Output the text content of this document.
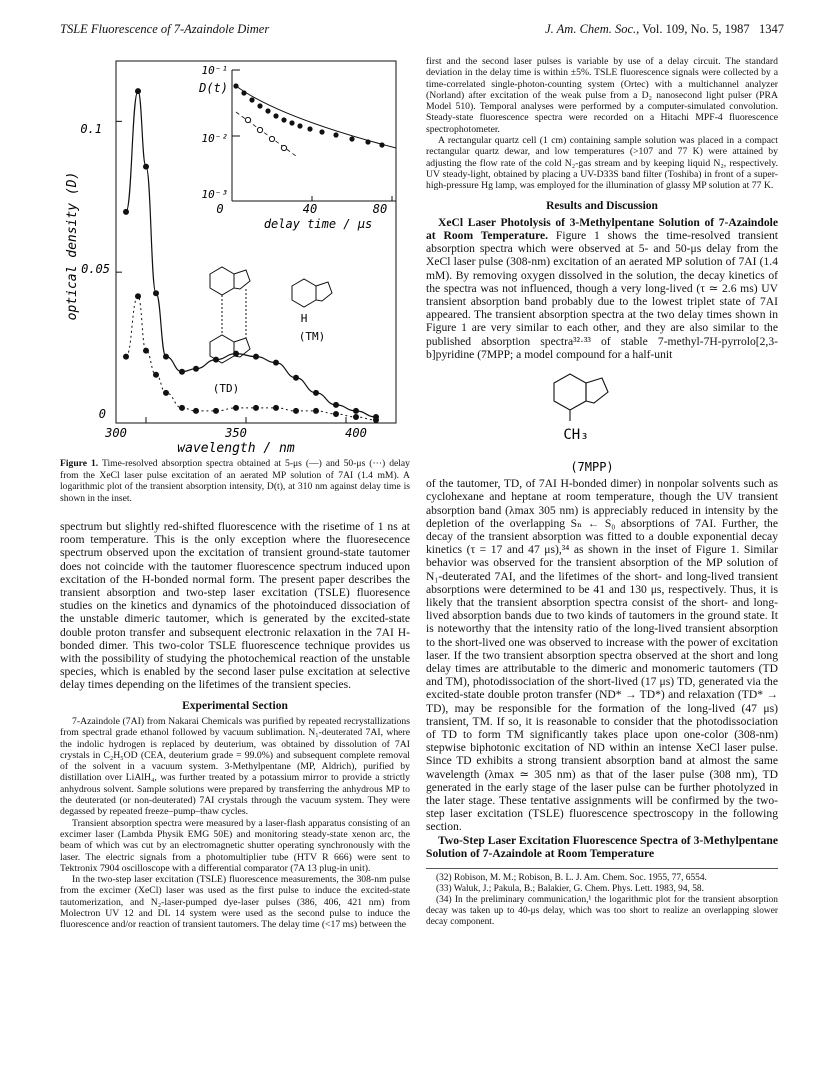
TSLE Fluorescence of 7-Azaindole Dimer	J. Am. Chem. Soc., Vol. 109, No. 5, 1987 1347
0
0.05
0.1
300	350	400
wavelength / nm
optical density (D)
10⁻¹
D(t)
10⁻²
10⁻³
0	40	80
delay time / μs
(TD)
H
(TM)
Figure 1. Time-resolved absorption spectra obtained at 5-μs (—) and 50-μs (···) delay from the XeCl laser pulse excitation of an aerated MP solution of 7AI (1.4 mM). A logarithmic plot of the transient absorption intensity, D(t), at 310 nm against delay time is shown in the inset.

spectrum but slightly red-shifted fluorescence with the risetime of 1 ns at room temperature. This is the only exception where the fluoresecence spectrum observed upon the excitation of transient ground-state tautomer does not coincide with the tautomer fluorescence spectrum induced upon excitation of the H-bonded normal form. The present paper describes the transient absorption and two-step laser excitation (TSLE) fluoresence studies on the kinetics and dynamics of the photoinduced dissociation of the unstable dimeric tautomer, which is generated by the excited-state double proton transfer and subsequent electronic relaxation in the 7AI H-bonded dimer. This two-color TSLE fluorescence technique provides us with the possibility of studying the photochemical reaction of the unstable species, which is enabled by the second laser pulse excitation at selective delay times depending on the lifetimes of the transient species.

Experimental Section

7-Azaindole (7AI) from Nakarai Chemicals was purified by repeated recrystallizations from spectral grade ethanol followed by vacuum sublimation. N₁-deuterated 7AI, where the indolic hydrogen is replaced by deuterium, was obtained by dissolution of 7AI crystals in C₂H₅OD (CEA, deuterium grade = 99.0%) and subsequent complete removal of the solvent in a vacuum system. 3-Methylpentane (MP, Aldrich), purified by distillation over LiAlH₄, was further treated by a potassium mirror to provide a strictly anhydrous solvent. Sample solutions were prepared by transferring the anhydrous MP to the deuterated (or non-deuterated) 7AI crystals through the vacuum system. They were degassed by repeated freeze–pump–thaw cycles.

Transient absorption spectra were measured by a laser-flash apparatus consisting of an excimer laser (Lambda Physik EMG 50E) and monitoring steady-state xenon arc, the beam of which was cut by an electromagnetic shutter operating synchronously with the laser. The electric signals from a photomultiplier tube (HTV R 666) were sent to Tektronix 7904 oscilloscope with a differential comparator (7A 13 plug-in unit).

In the two-step laser excitation (TSLE) fluorescence measurements, the 308-nm pulse from the excimer (XeCl) laser was used as the first pulse to induce the excited-state tautomerization, and N₂-laser-pumped dye-laser pulses (386, 406, 421 nm) from Molectron UV 12 and DL 14 system were used as the second pulse to induce the fluorescence and/or reaction of transient tautomers. The delay time (<17 ms) between the

first and the second laser pulses is variable by use of a delay circuit. The standard deviation in the delay time is within ±5%. TSLE fluorescence signals were collected by a time-correlated single-photon-counting system (Ortec) with a multichannel analyzer (Norland) after excitation of the weak pulse from a D₂ nanosecond light pulser (PRA Model 510). Temporal analyses were performed by a computer-simulated convolution. Steady-state fluorescence spectra were recorded on a Hitachi MPF-4 fluorescence spectrophotometer.

A rectangular quartz cell (1 cm) containing sample solution was placed in a compact rectangular quartz dewar, and low temperatures (>107 and 77 K) were attained by adjusting the flow rate of the cold N₂-gas stream and by keeping liquid N₂, respectively. UV steady-light, obtained by placing a UV-D33S band filter (Toshiba) in front of a super-high-pressure Hg lamp, was employed for the illumination of glassy MP solution at 77 K.

Results and Discussion

XeCl Laser Photolysis of 3-Methylpentane Solution of 7-Azaindole at Room Temperature. Figure 1 shows the time-resolved transient absorption spectra which were observed at 5- and 50-μs delay from the XeCl laser pulse (308-nm) excitation of an aerated MP solution of 7AI (1.4 mM). By removing oxygen dissolved in the solution, the decay kinetics of the spectra was not influenced, though a very long-lived (τ ≃ 2.6 ms) UV transient absorption band probably due to the lowest triplet state of 7AI appeared. The transient absorption spectra at the two delay times shown in Figure 1 are very similar to each other, and they are also similar to the published absorption spectra³²·³³ of stable 7-methyl-7H-pyrrolo[2,3-b]pyridine (7MPP; a model compound for a half-unit

CH₃
(7MPP)

of the tautomer, TD, of 7AI H-bonded dimer) in nonpolar solvents such as cyclohexane and heptane at room temperature, though the UV transient absorption band (λmax 305 nm) is appreciably reduced in intensity by the depletion of the overlapping Sₙ ← S₀ absorptions of 7AI. Further, the decay of the transient absorption was fitted to a double exponential decay kinetics (τ = 17 and 47 μs),³⁴ as shown in the inset of Figure 1. Similar behavior was observed for the transient absorption of the MP solution of N₁-deuterated 7AI, and the lifetimes of the short- and long-lived transient absorptions were determined to be 41 and 130 μs, respectively. Thus, it is likely that the transient absorption spectra consist of the short- and long-lived absorption bands due to two kinds of tautomers in the ground state. It is noteworthy that the intensity ratio of the long-lived transient absorption to the short-lived one was observed to increase with the power of excitation laser. If the two transient absorption spectra observed at the short and long delay times are attributable to the dimeric and monomeric tautomers (TD and TM), photodissociation of the short-lived (17 μs) TD, generated via the excited-state double proton transfer (ND* → TD*) and relaxation (TD* → TD), may be responsible for the formation of the long-lived (47 μs) transient, TM. If so, it is reasonable to consider that the photodissociation of TD to form TM significantly takes place upon one-color (308-nm) stepwise biphotonic excitation of ND within an intense XeCl laser pulse. Since TD exhibits a strong transient absorption band at almost the same wavelength (λmax ≃ 305 nm) as that of the laser pulse (308 nm), TD generated in the early stage of the laser pulse can be further photolyzed in the later stage. These tentative assignments will be confirmed by the two-step laser excitation (TSLE) fluorescence spectroscopy in the following section.

Two-Step Laser Excitation Fluorescence Spectra of 3-Methylpentane Solution of 7-Azaindole at Room Temperature

(32) Robison, M. M.; Robison, B. L. J. Am. Chem. Soc. 1955, 77, 6554.
(33) Waluk, J.; Pakula, B.; Balakier, G. Chem. Phys. Lett. 1983, 94, 58.
(34) In the preliminary communication,¹ the logarithmic plot for the transient absorption decay was taken up to 40-μs delay, which was too short to realize an overlapping slower decay component.
